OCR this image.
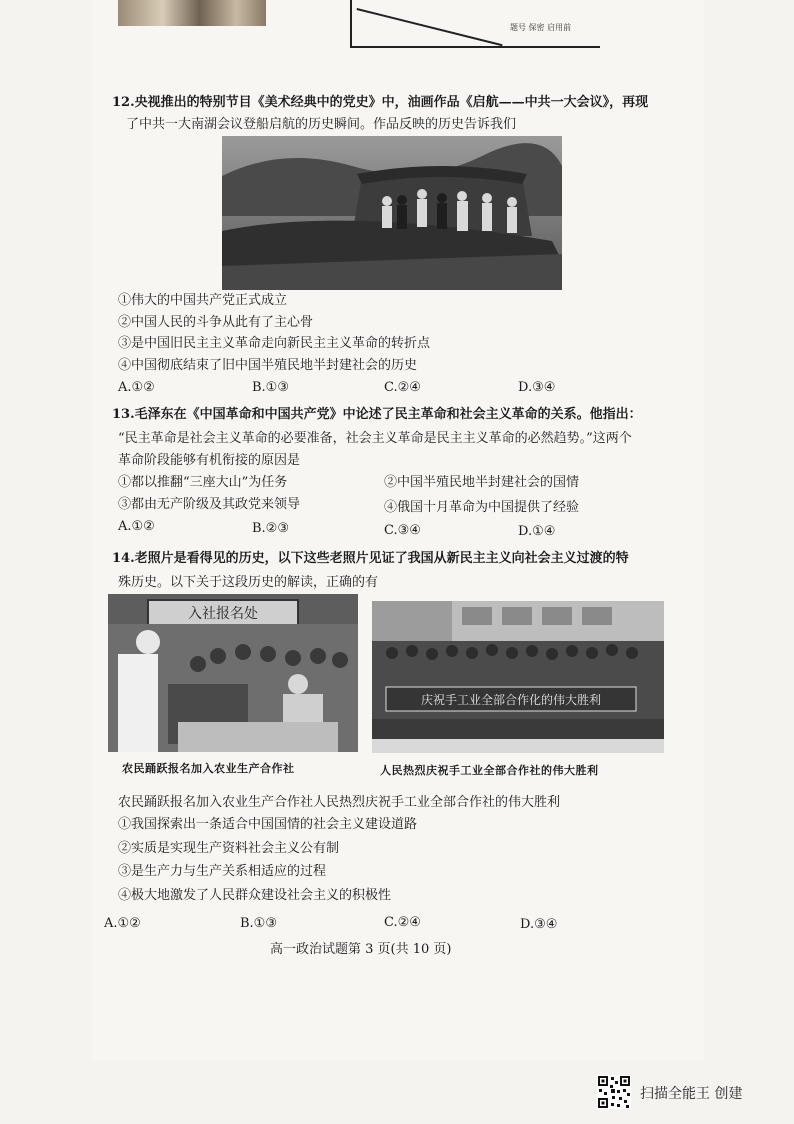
题号 保密 启用前
12.央视推出的特别节目《美术经典中的党史》中，油画作品《启航——中共一大会议》，再现
了中共一大南湖会议登船启航的历史瞬间。作品反映的历史告诉我们
①伟大的中国共产党正式成立
②中国人民的斗争从此有了主心骨
③是中国旧民主主义革命走向新民主主义革命的转折点
④中国彻底结束了旧中国半殖民地半封建社会的历史
A.①②	B.①③	C.②④	D.③④
13.毛泽东在《中国革命和中国共产党》中论述了民主革命和社会主义革命的关系。他指出：
“民主革命是社会主义革命的必要准备，社会主义革命是民主主义革命的必然趋势。”这两个
革命阶段能够有机衔接的原因是
①都以推翻“三座大山”为任务	②中国半殖民地半封建社会的国情
③都由无产阶级及其政党来领导	④俄国十月革命为中国提供了经验
A.①②	B.②③	C.③④	D.①④
14.老照片是看得见的历史，以下这些老照片见证了我国从新民主主义向社会主义过渡的特
殊历史。以下关于这段历史的解读，正确的有
入社报名处
庆祝手工业全部合作化的伟大胜利
农民踊跃报名加入农业生产合作社	人民热烈庆祝手工业全部合作社的伟大胜利
农民踊跃报名加入农业生产合作社人民热烈庆祝手工业全部合作社的伟大胜利
①我国探索出一条适合中国国情的社会主义建设道路
②实质是实现生产资料社会主义公有制
③是生产力与生产关系相适应的过程
④极大地激发了人民群众建设社会主义的积极性
A.①②	B.①③	C.②④	D.③④
高一政治试题第 3 页(共 10 页)
扫描全能王 创建
